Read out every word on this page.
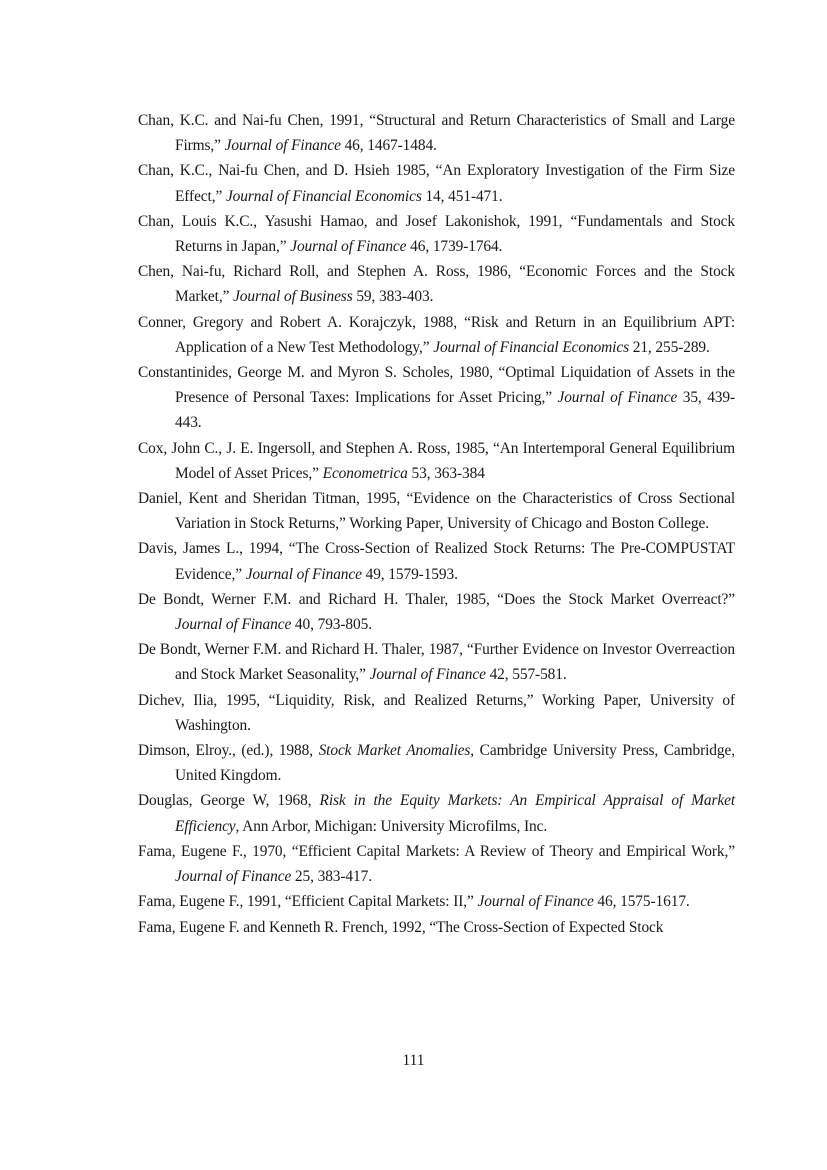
Chan, K.C. and Nai-fu Chen, 1991, “Structural and Return Characteristics of Small and Large Firms,” Journal of Finance 46, 1467-1484.

Chan, K.C., Nai-fu Chen, and D. Hsieh 1985, “An Exploratory Investigation of the Firm Size Effect,” Journal of Financial Economics 14, 451-471.

Chan, Louis K.C., Yasushi Hamao, and Josef Lakonishok, 1991, “Fundamentals and Stock Returns in Japan,” Journal of Finance 46, 1739-1764.

Chen, Nai-fu, Richard Roll, and Stephen A. Ross, 1986, “Economic Forces and the Stock Market,” Journal of Business 59, 383-403.

Conner, Gregory and Robert A. Korajczyk, 1988, “Risk and Return in an Equilibrium APT: Application of a New Test Methodology,” Journal of Financial Economics 21, 255-289.

Constantinides, George M. and Myron S. Scholes, 1980, “Optimal Liquidation of Assets in the Presence of Personal Taxes: Implications for Asset Pricing,” Journal of Finance 35, 439-443.

Cox, John C., J. E. Ingersoll, and Stephen A. Ross, 1985, “An Intertemporal General Equilibrium Model of Asset Prices,” Econometrica 53, 363-384

Daniel, Kent and Sheridan Titman, 1995, “Evidence on the Characteristics of Cross Sectional Variation in Stock Returns,” Working Paper, University of Chicago and Boston College.

Davis, James L., 1994, “The Cross-Section of Realized Stock Returns: The Pre-COMPUSTAT Evidence,” Journal of Finance 49, 1579-1593.

De Bondt, Werner F.M. and Richard H. Thaler, 1985, “Does the Stock Market Overreact?” Journal of Finance 40, 793-805.

De Bondt, Werner F.M. and Richard H. Thaler, 1987, “Further Evidence on Investor Overreaction and Stock Market Seasonality,” Journal of Finance 42, 557-581.

Dichev, Ilia, 1995, “Liquidity, Risk, and Realized Returns,” Working Paper, University of Washington.

Dimson, Elroy., (ed.), 1988, Stock Market Anomalies, Cambridge University Press, Cambridge, United Kingdom.

Douglas, George W, 1968, Risk in the Equity Markets: An Empirical Appraisal of Market Efficiency, Ann Arbor, Michigan: University Microfilms, Inc.

Fama, Eugene F., 1970, “Efficient Capital Markets: A Review of Theory and Empirical Work,” Journal of Finance 25, 383-417.

Fama, Eugene F., 1991, “Efficient Capital Markets: II,” Journal of Finance 46, 1575-1617.

Fama, Eugene F. and Kenneth R. French, 1992, “The Cross-Section of Expected Stock

111
